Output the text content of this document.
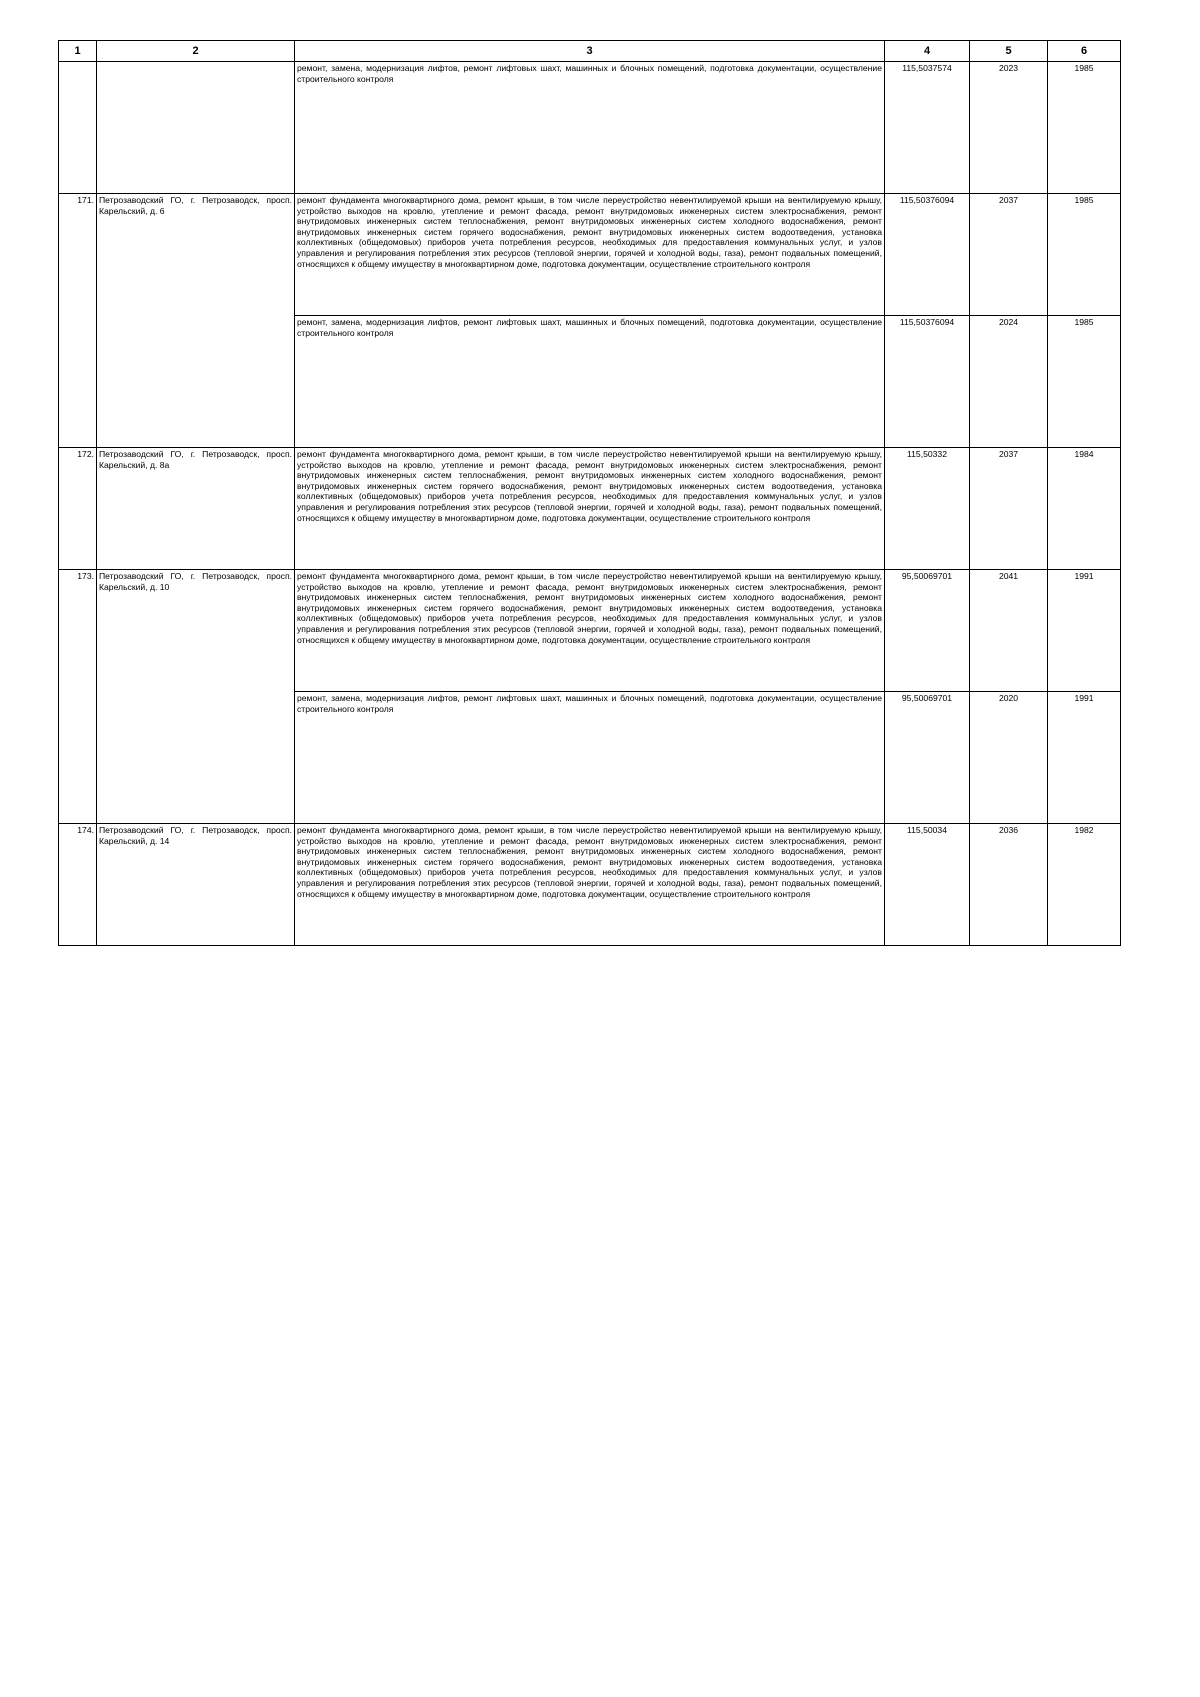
1	2	3	4	5	6
		ремонт, замена, модернизация лифтов, ремонт лифтовых шахт, машинных и блочных помещений, подготовка документации, осуществление строительного контроля	115,5037574	2023	1985
171.	Петрозаводский ГО, г. Петрозаводск, просп. Карельский, д. 6	ремонт фундамента многоквартирного дома, ремонт крыши, в том числе переустройство невентилируемой крыши на вентилируемую крышу, устройство выходов на кровлю, утепление и ремонт фасада, ремонт внутридомовых инженерных систем электроснабжения, ремонт внутридомовых инженерных систем теплоснабжения, ремонт внутридомовых инженерных систем холодного водоснабжения, ремонт внутридомовых инженерных систем горячего водоснабжения, ремонт внутридомовых инженерных систем водоотведения, установка коллективных (общедомовых) приборов учета потребления ресурсов, необходимых для предоставления коммунальных услуг, и узлов управления и регулирования потребления этих ресурсов (тепловой энергии, горячей и холодной воды, газа), ремонт подвальных помещений, относящихся к общему имуществу в многоквартирном доме, подготовка документации, осуществление строительного контроля	115,50376094	2037	1985
		ремонт, замена, модернизация лифтов, ремонт лифтовых шахт, машинных и блочных помещений, подготовка документации, осуществление строительного контроля	115,50376094	2024	1985
172.	Петрозаводский ГО, г. Петрозаводск, просп. Карельский, д. 8а	ремонт фундамента многоквартирного дома, ремонт крыши, в том числе переустройство невентилируемой крыши на вентилируемую крышу, устройство выходов на кровлю, утепление и ремонт фасада, ремонт внутридомовых инженерных систем электроснабжения, ремонт внутридомовых инженерных систем теплоснабжения, ремонт внутридомовых инженерных систем холодного водоснабжения, ремонт внутридомовых инженерных систем горячего водоснабжения, ремонт внутридомовых инженерных систем водоотведения, установка коллективных (общедомовых) приборов учета потребления ресурсов, необходимых для предоставления коммунальных услуг, и узлов управления и регулирования потребления этих ресурсов (тепловой энергии, горячей и холодной воды, газа), ремонт подвальных помещений, относящихся к общему имуществу в многоквартирном доме, подготовка документации, осуществление строительного контроля	115,50332	2037	1984
173.	Петрозаводский ГО, г. Петрозаводск, просп. Карельский, д. 10	ремонт фундамента многоквартирного дома, ремонт крыши, в том числе переустройство невентилируемой крыши на вентилируемую крышу, устройство выходов на кровлю, утепление и ремонт фасада, ремонт внутридомовых инженерных систем электроснабжения, ремонт внутридомовых инженерных систем теплоснабжения, ремонт внутридомовых инженерных систем холодного водоснабжения, ремонт внутридомовых инженерных систем горячего водоснабжения, ремонт внутридомовых инженерных систем водоотведения, установка коллективных (общедомовых) приборов учета потребления ресурсов, необходимых для предоставления коммунальных услуг, и узлов управления и регулирования потребления этих ресурсов (тепловой энергии, горячей и холодной воды, газа), ремонт подвальных помещений, относящихся к общему имуществу в многоквартирном доме, подготовка документации, осуществление строительного контроля	95,50069701	2041	1991
		ремонт, замена, модернизация лифтов, ремонт лифтовых шахт, машинных и блочных помещений, подготовка документации, осуществление строительного контроля	95,50069701	2020	1991
174.	Петрозаводский ГО, г. Петрозаводск, просп. Карельский, д. 14	ремонт фундамента многоквартирного дома, ремонт крыши, в том числе переустройство невентилируемой крыши на вентилируемую крышу, устройство выходов на кровлю, утепление и ремонт фасада, ремонт внутридомовых инженерных систем электроснабжения, ремонт внутридомовых инженерных систем теплоснабжения, ремонт внутридомовых инженерных систем холодного водоснабжения, ремонт внутридомовых инженерных систем горячего водоснабжения, ремонт внутридомовых инженерных систем водоотведения, установка коллективных (общедомовых) приборов учета потребления ресурсов, необходимых для предоставления коммунальных услуг, и узлов управления и регулирования потребления этих ресурсов (тепловой энергии, горячей и холодной воды, газа), ремонт подвальных помещений, относящихся к общему имуществу в многоквартирном доме, подготовка документации, осуществление строительного контроля	115,50034	2036	1982
